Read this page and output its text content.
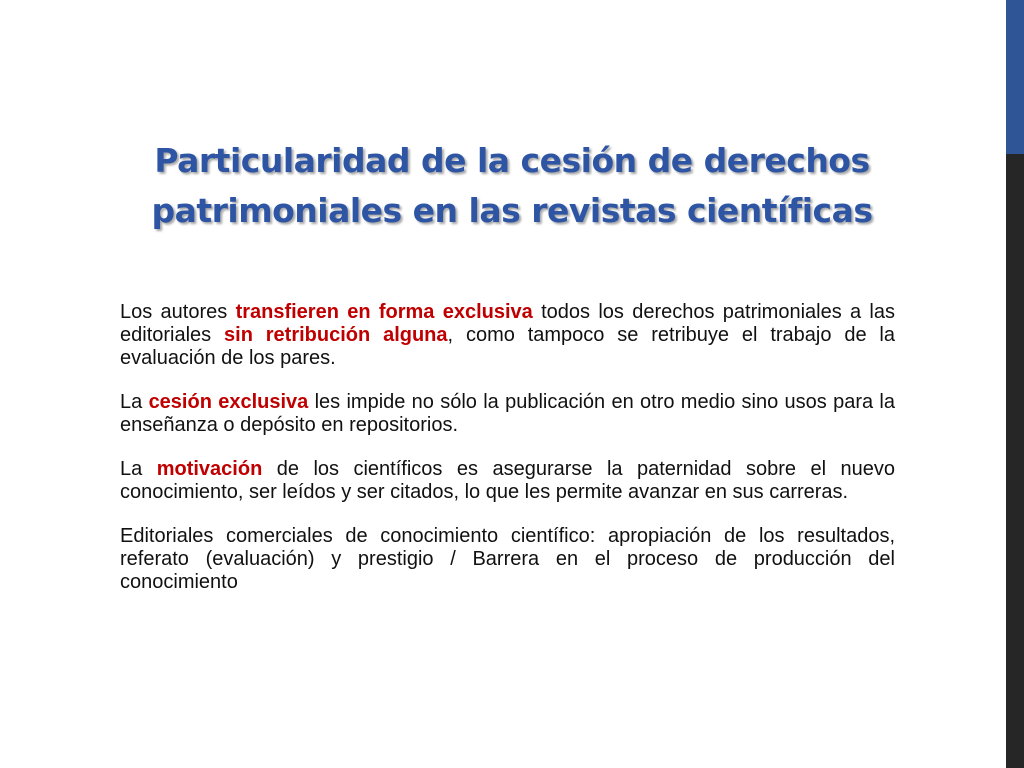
Particularidad de la cesión de derechos
patrimoniales en las revistas científicas

Los autores transfieren en forma exclusiva todos los derechos patrimoniales a las editoriales sin retribución alguna, como tampoco se retribuye el trabajo de la evaluación de los pares.

La cesión exclusiva les impide no sólo la publicación en otro medio sino usos para la enseñanza o depósito en repositorios.

La motivación de los científicos es asegurarse la paternidad sobre el nuevo conocimiento, ser leídos y ser citados, lo que les permite avanzar en sus carreras.

Editoriales comerciales de conocimiento científico: apropiación de los resultados, referato (evaluación) y prestigio / Barrera en el proceso de producción del conocimiento
